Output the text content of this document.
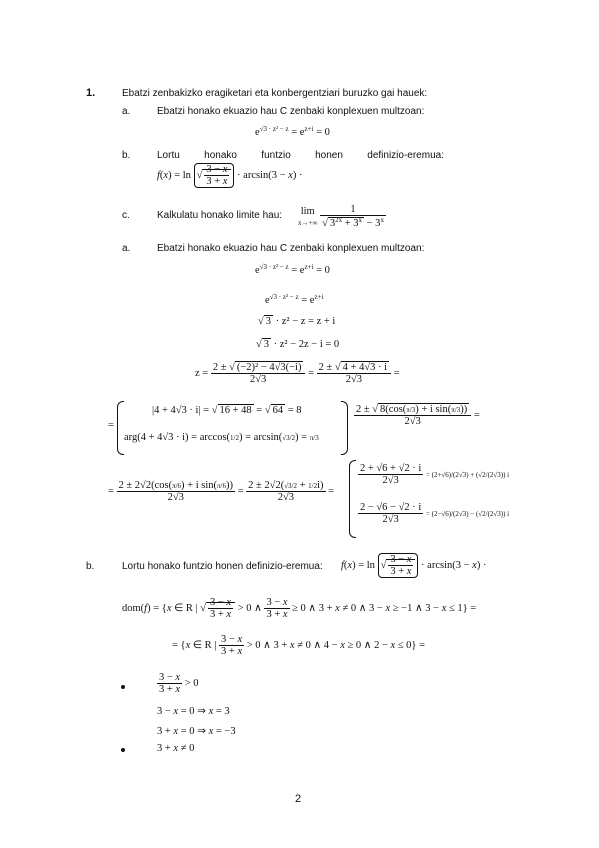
1.	Ebatzi zenbakizko eragiketari eta konbergentziari buruzko gai hauek:
a.	Ebatzi honako ekuazio hau C zenbaki konplexuen multzoan:
$e^{√3 \cdot z^2 - z} = e^{z+i} = 0$
b.	Lortu honako funtzio honen definizio-eremua:
f(x) = ln √ $\frac{3 - x}{3 + x} \cdot \arcsin(3 - x)$ ·
c.	Kalkulatu honako limite hau: lim
$x\to+\infty \frac{1}{√ 3^{2x} + 3^x - 3^x}$
a.	Ebatzi honako ekuazio hau C zenbaki konplexuen multzoan:
$e^{√3 \cdot z^2 - z} = e^{z+i} = 0$
$e^{√3 \cdot z^2 - z} = e^{z+i}$
√ 3 · z² − z = z + i
√ 3 · z² − 2z − i = 0
$z = \frac{\text{2 ± √ (−2)² − 4√3(−i)}}{2√3} = \frac{2 \pm √ 4 + 4√3 \cdot i}{2√3}$ =
=
|4 + 4√3 · i| = √ 16 + 48 = √ 64 = 8
arg(4 + 4√3 · i) = arccos(1/2) = arcsin(√3/2) = π/3
$\frac{\text{2 ± √ 8(cos(π/3) + i sin(π/3))}}{2√3}$ =
= $\frac{\text{2 ± 2√2(cos(π/6) + i sin(π/6))}}{2√3} = \frac{2 \pm 2√2(√3/2 + 1/2i)}{2√3}$ =
$\frac{2 + √6 + √2 \cdot i}{2√3} = (2+√6)/(2√3) + (√2/(2√3))$ i
$\frac{2 - √6 - √2 \cdot i}{2√3} = (2-√6)/(2√3) - (√2/(2√3))$ i
b.	Lortu honako funtzio honen definizio-eremua: f(x) = ln √ $\frac{3 - x}{3 + x} \cdot \arcsin(3 - x)$ ·
dom(f) = {x ∈ R | √ $\frac{3 - x}{3 + x} > 0$ ∧ $\frac{3 - x}{3 + x} \ge 0$ ∧ 3 + x ≠ 0 ∧ 3 − x ≥ −1 ∧ 3 − x ≤ 1} =
= {x ∈ R | $\frac{3 - x}{3 + x} > 0$ ∧ 3 + x ≠ 0 ∧ 4 − x ≥ 0 ∧ 2 − x ≤ 0} =
$\frac{3 - x}{3 + x} > 0$
3 − x = 0 ⇒ x = 3
3 + x = 0 ⇒ x = −3
3 + x ≠ 0
2
